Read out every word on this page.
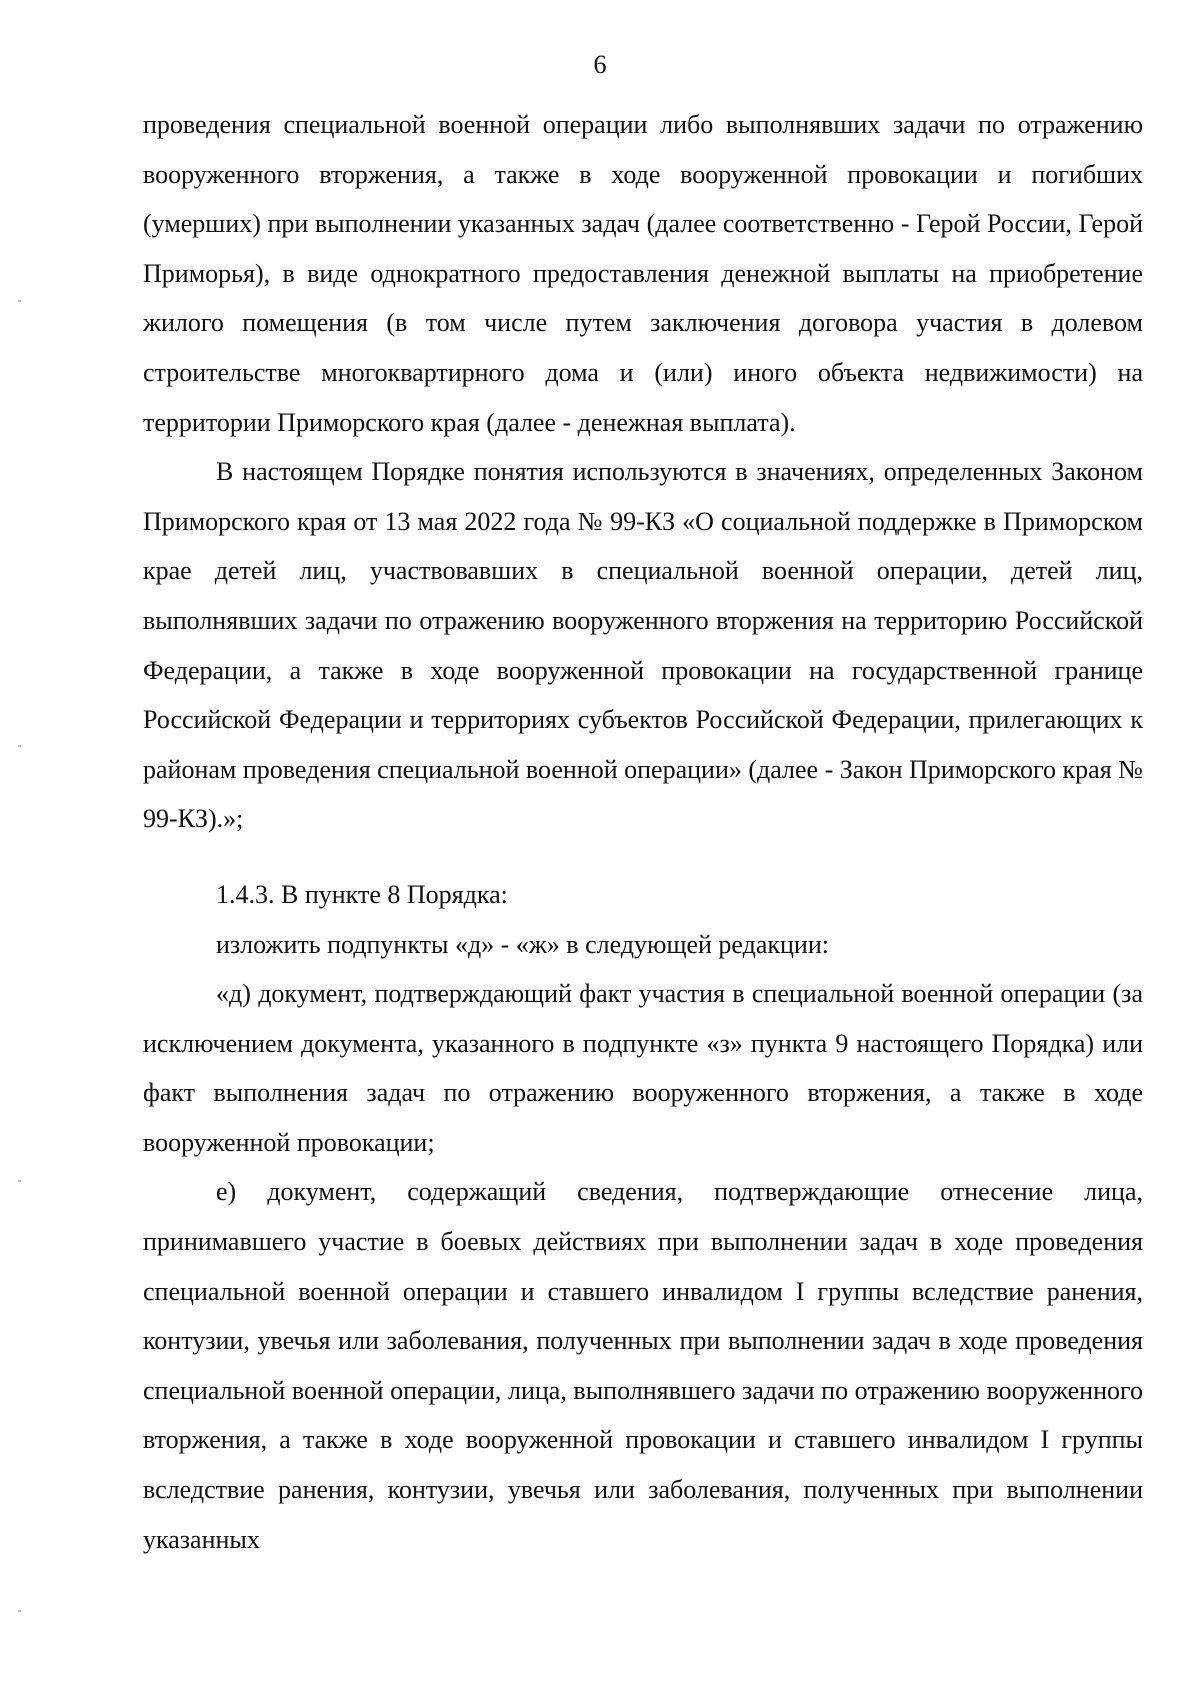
6

проведения специальной военной операции либо выполнявших задачи по отражению вооруженного вторжения, а также в ходе вооруженной провокации и погибших (умерших) при выполнении указанных задач (далее соответственно - Герой России, Герой Приморья), в виде однократного предоставления денежной выплаты на приобретение жилого помещения (в том числе путем заключения договора участия в долевом строительстве многоквартирного дома и (или) иного объекта недвижимости) на территории Приморского края (далее - денежная выплата).

В настоящем Порядке понятия используются в значениях, определенных Законом Приморского края от 13 мая 2022 года № 99-КЗ «О социальной поддержке в Приморском крае детей лиц, участвовавших в специальной военной операции, детей лиц, выполнявших задачи по отражению вооруженного вторжения на территорию Российской Федерации, а также в ходе вооруженной провокации на государственной границе Российской Федерации и территориях субъектов Российской Федерации, прилегающих к районам проведения специальной военной операции» (далее - Закон Приморского края № 99-КЗ).»;

1.4.3. В пункте 8 Порядка:

изложить подпункты «д» - «ж» в следующей редакции:

«д) документ, подтверждающий факт участия в специальной военной операции (за исключением документа, указанного в подпункте «з» пункта 9 настоящего Порядка) или факт выполнения задач по отражению вооруженного вторжения, а также в ходе вооруженной провокации;

е) документ, содержащий сведения, подтверждающие отнесение лица, принимавшего участие в боевых действиях при выполнении задач в ходе проведения специальной военной операции и ставшего инвалидом I группы вследствие ранения, контузии, увечья или заболевания, полученных при выполнении задач в ходе проведения специальной военной операции, лица, выполнявшего задачи по отражению вооруженного вторжения, а также в ходе вооруженной провокации и ставшего инвалидом I группы вследствие ранения, контузии, увечья или заболевания, полученных при выполнении указанных
